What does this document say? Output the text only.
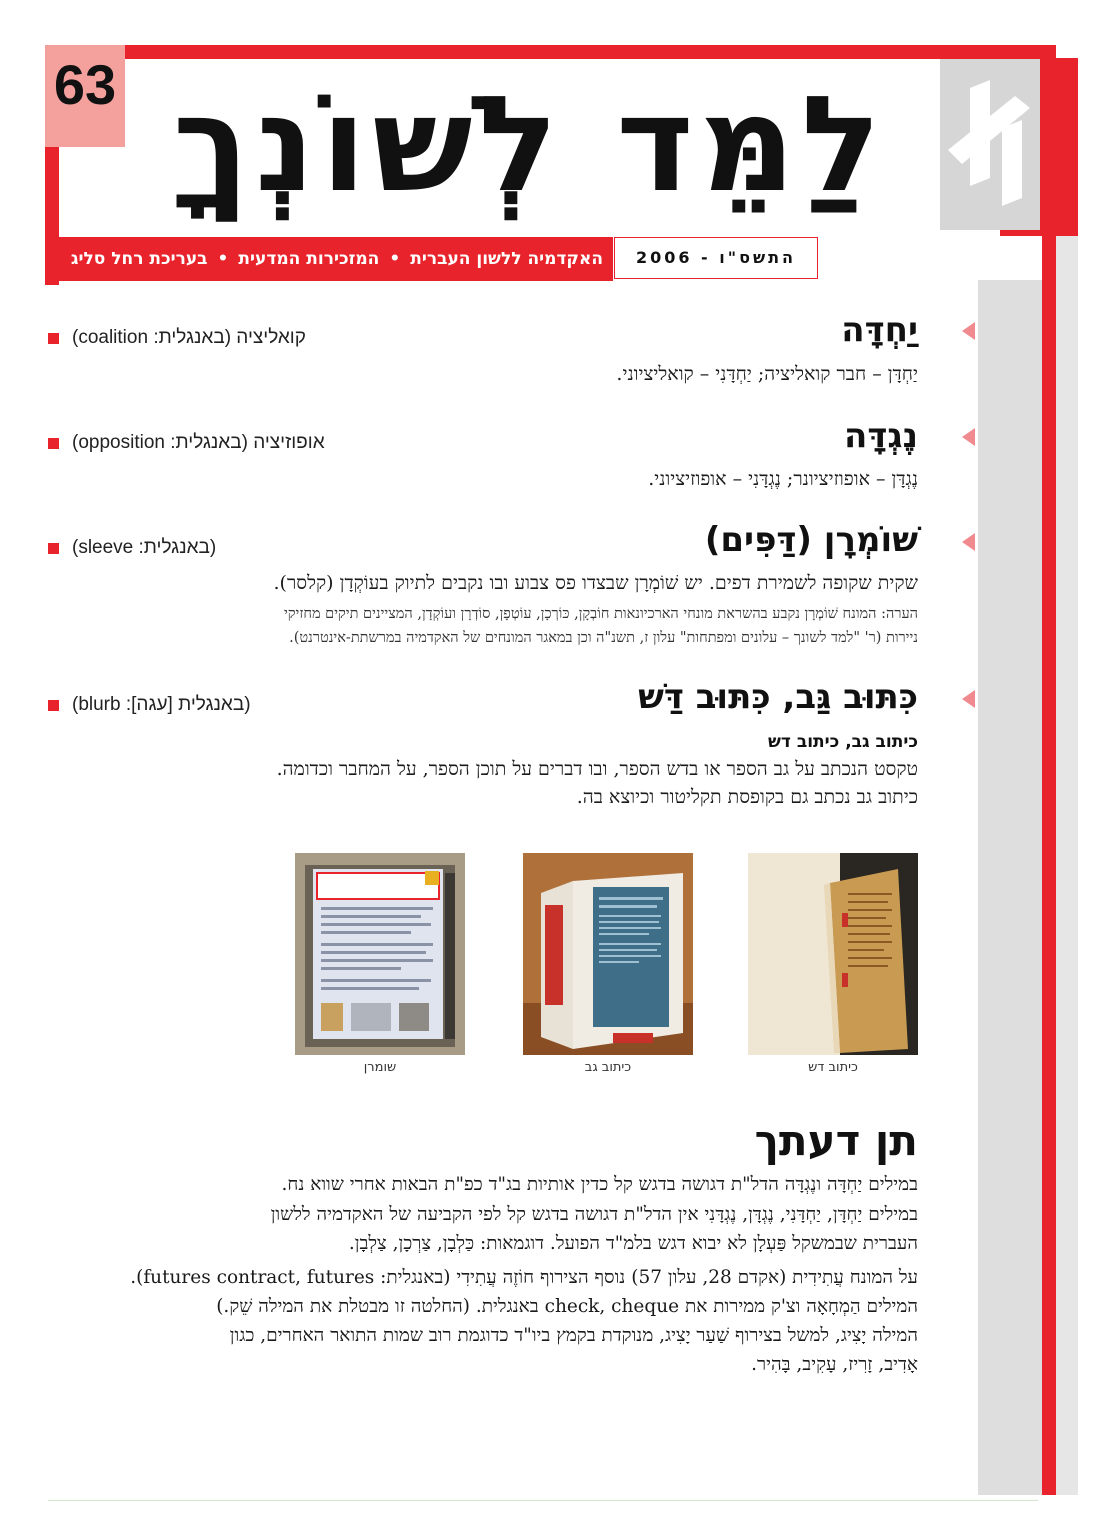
63 לַמֵּד לְשׁוֹנְךָ
האקדמיה ללשון העברית•המזכירות המדעית•בעריכת רחל סליג	התשס"ו - 2006
יַחְדָּה
קואליציה (באנגלית: coalition)
יַחְדָּן – חבר קואליציה; יַחְדָּנִי – קואליציוני.
נֶגְדָּה
אופוזיציה (באנגלית: opposition)
נֶגְדָּן – אופוזיציונר; נֶגְדָּנִי – אופוזיציוני.
שׁוֹמְרָן (דַּפִּים)
(באנגלית: sleeve)
שקית שקופה לשמירת דפים. יש שׁוֹמְרָן שבצדו פס צבוע ובו נקבים לתיוק בעוֹקְדָן (קלסר).
הערה: המונח שׁוֹמְרָן נקבע בהשראת מונחי הארכיונאות חוֹבְקָן, כּוֹרְכָן, עוֹטְפָן, סוֹדְרָן ועוֹקְדָן, המציינים תיקים מחזיקי
ניירות (ר' "למד לשונך – עלונים ומפתחות" עלון ז, תשנ"ה וכן במאגר המונחים של האקדמיה במרשתת-אינטרנט).
כִּתּוּב גַּב, כִּתּוּב דַּשׁ
(באנגלית [עגה]: blurb)
כיתוב גב, כיתוב דש
טקסט הנכתב על גב הספר או בדש הספר, ובו דברים על תוכן הספר, על המחבר וכדומה.
כיתוב גב נכתב גם בקופסת תקליטור וכיוצא בה.
שומרן	כיתוב גב	כיתוב דש
תן דעתך
במילים יַחְדָּה ונֶגְדָּה הדל"ת דגושה בדגש קל כדין אותיות בג"ד כפ"ת הבאות אחרי שווא נח.
במילים יַחְדָּן, יַחְדָּנִי, נֶגְדָּן, נֶגְדָּנִי אין הדל"ת דגושה בדגש קל לפי הקביעה של האקדמיה ללשון
העברית שבמשקל פַּעְלָן לא יבוא דגש בלמ"ד הפועל. דוגמאות: כַּלְבָן, צַרְכָן, צַלְבָן.
על המונח עֲתִידִית (אקדם 28, עלון 57) נוסף הצירוף חוֹזֶה עֲתִידִי (באנגלית: futures contract, futures).
המילים הַמְחָאָה וצ'ק ממירות את check, cheque באנגלית. (החלטה זו מבטלת את המילה שֵׁק.)
המילה יָצִיג, למשל בצירוף שַׁעַר יָצִיג, מנוקדת בקמץ ביו"ד כדוגמת רוב שמות התואר האחרים, כגון
אָדִיב, זָרִיז, עָקִיב, בָּהִיר.
